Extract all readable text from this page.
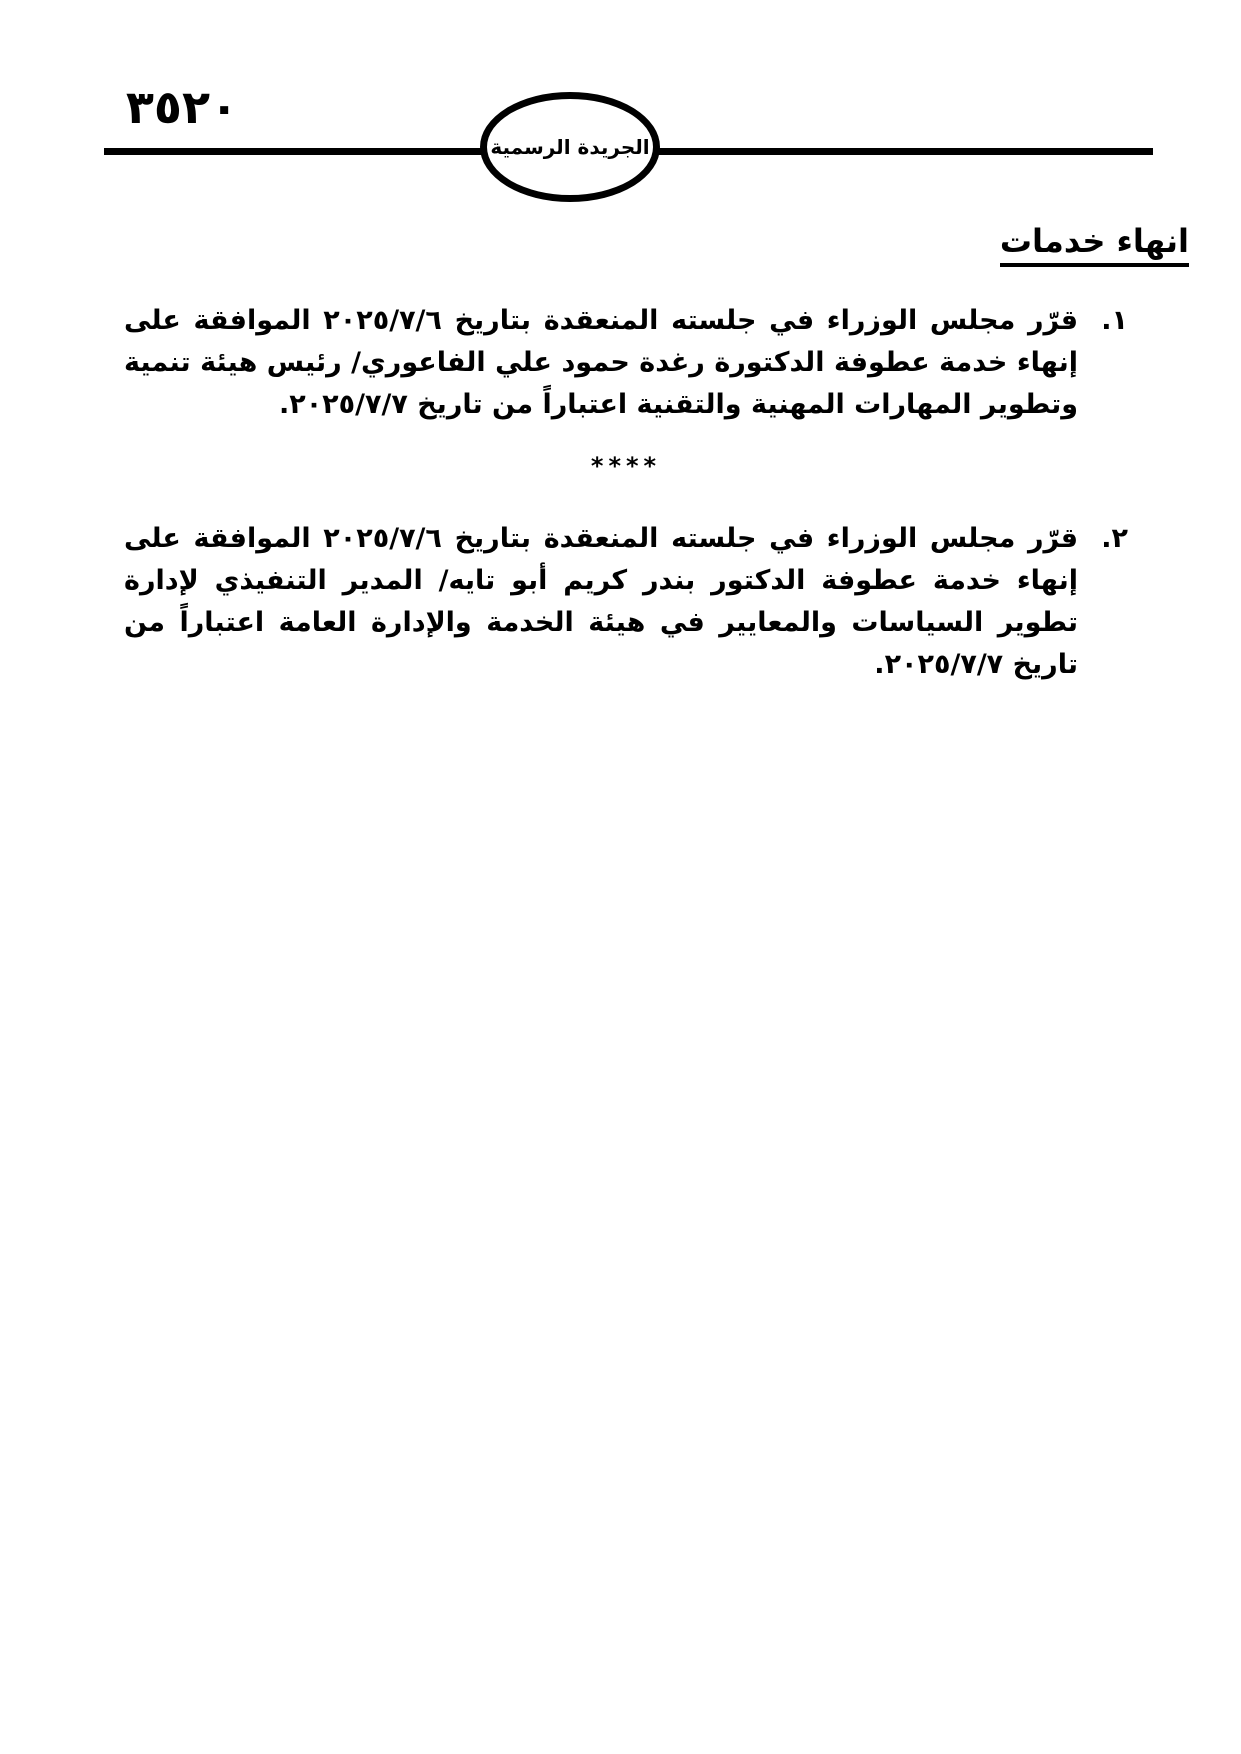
٣٥٢٠
الجريدة الرسمية
انهاء خدمات
١.

قرّر مجلس الوزراء في جلسته المنعقدة بتاريخ ٢٠٢٥/٧/٦ الموافقة على إنهاء خدمة عطوفة الدكتورة رغدة حمود علي الفاعوري/ رئيس هيئة تنمية وتطوير المهارات المهنية والتقنية اعتباراً من تاريخ ٢٠٢٥/٧/٧.

****
٢.

قرّر مجلس الوزراء في جلسته المنعقدة بتاريخ ٢٠٢٥/٧/٦ الموافقة على إنهاء خدمة عطوفة الدكتور بندر كريم أبو تايه/ المدير التنفيذي لإدارة تطوير السياسات والمعايير في هيئة الخدمة والإدارة العامة اعتباراً من تاريخ ٢٠٢٥/٧/٧.
